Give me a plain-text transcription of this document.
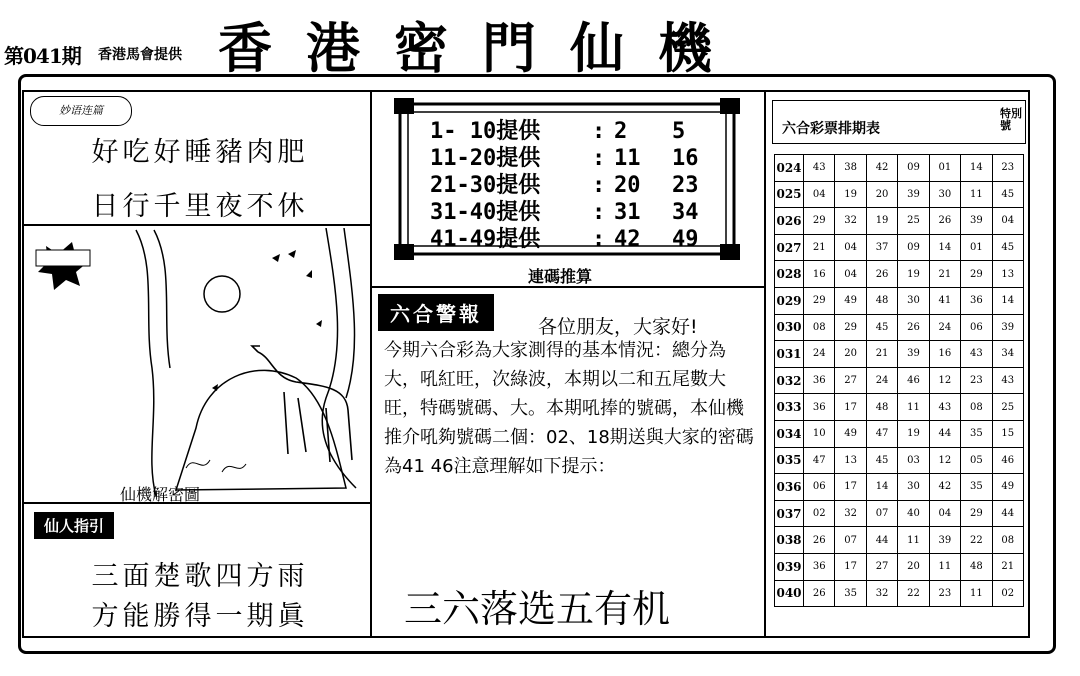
第041期 香港馬會提供 香港密門仙機
妙语连篇
好吃好睡豬肉肥
日行千里夜不休
仙機解密圖
仙人指引
三面楚歌四方雨
方能勝得一期眞
1- 10提供 : 2 5
11-20提供 : 11 16
21-30提供 : 20 23
31-40提供 : 31 34
41-49提供 : 42 49
連碼推算
六合警報
各位朋友，大家好!
今期六合彩為大家測得的基本情況：總分為大，吼紅旺，次綠波，本期以二和五尾數大旺，特碼號碼、大。本期吼捧的號碼，本仙機推介吼夠號碼二個：02、18期送與大家的密碼為41 46注意理解如下提示：
三六落选五有机
六合彩票排期表
特別號
024	43	38	42	09	01	14	23
025	04	19	20	39	30	11	45
026	29	32	19	25	26	39	04
027	21	04	37	09	14	01	45
028	16	04	26	19	21	29	13
029	29	49	48	30	41	36	14
030	08	29	45	26	24	06	39
031	24	20	21	39	16	43	34
032	36	27	24	46	12	23	43
033	36	17	48	11	43	08	25
034	10	49	47	19	44	35	15
035	47	13	45	03	12	05	46
036	06	17	14	30	42	35	49
037	02	32	07	40	04	29	44
038	26	07	44	11	39	22	08
039	36	17	27	20	11	48	21
040	26	35	32	22	23	11	02
